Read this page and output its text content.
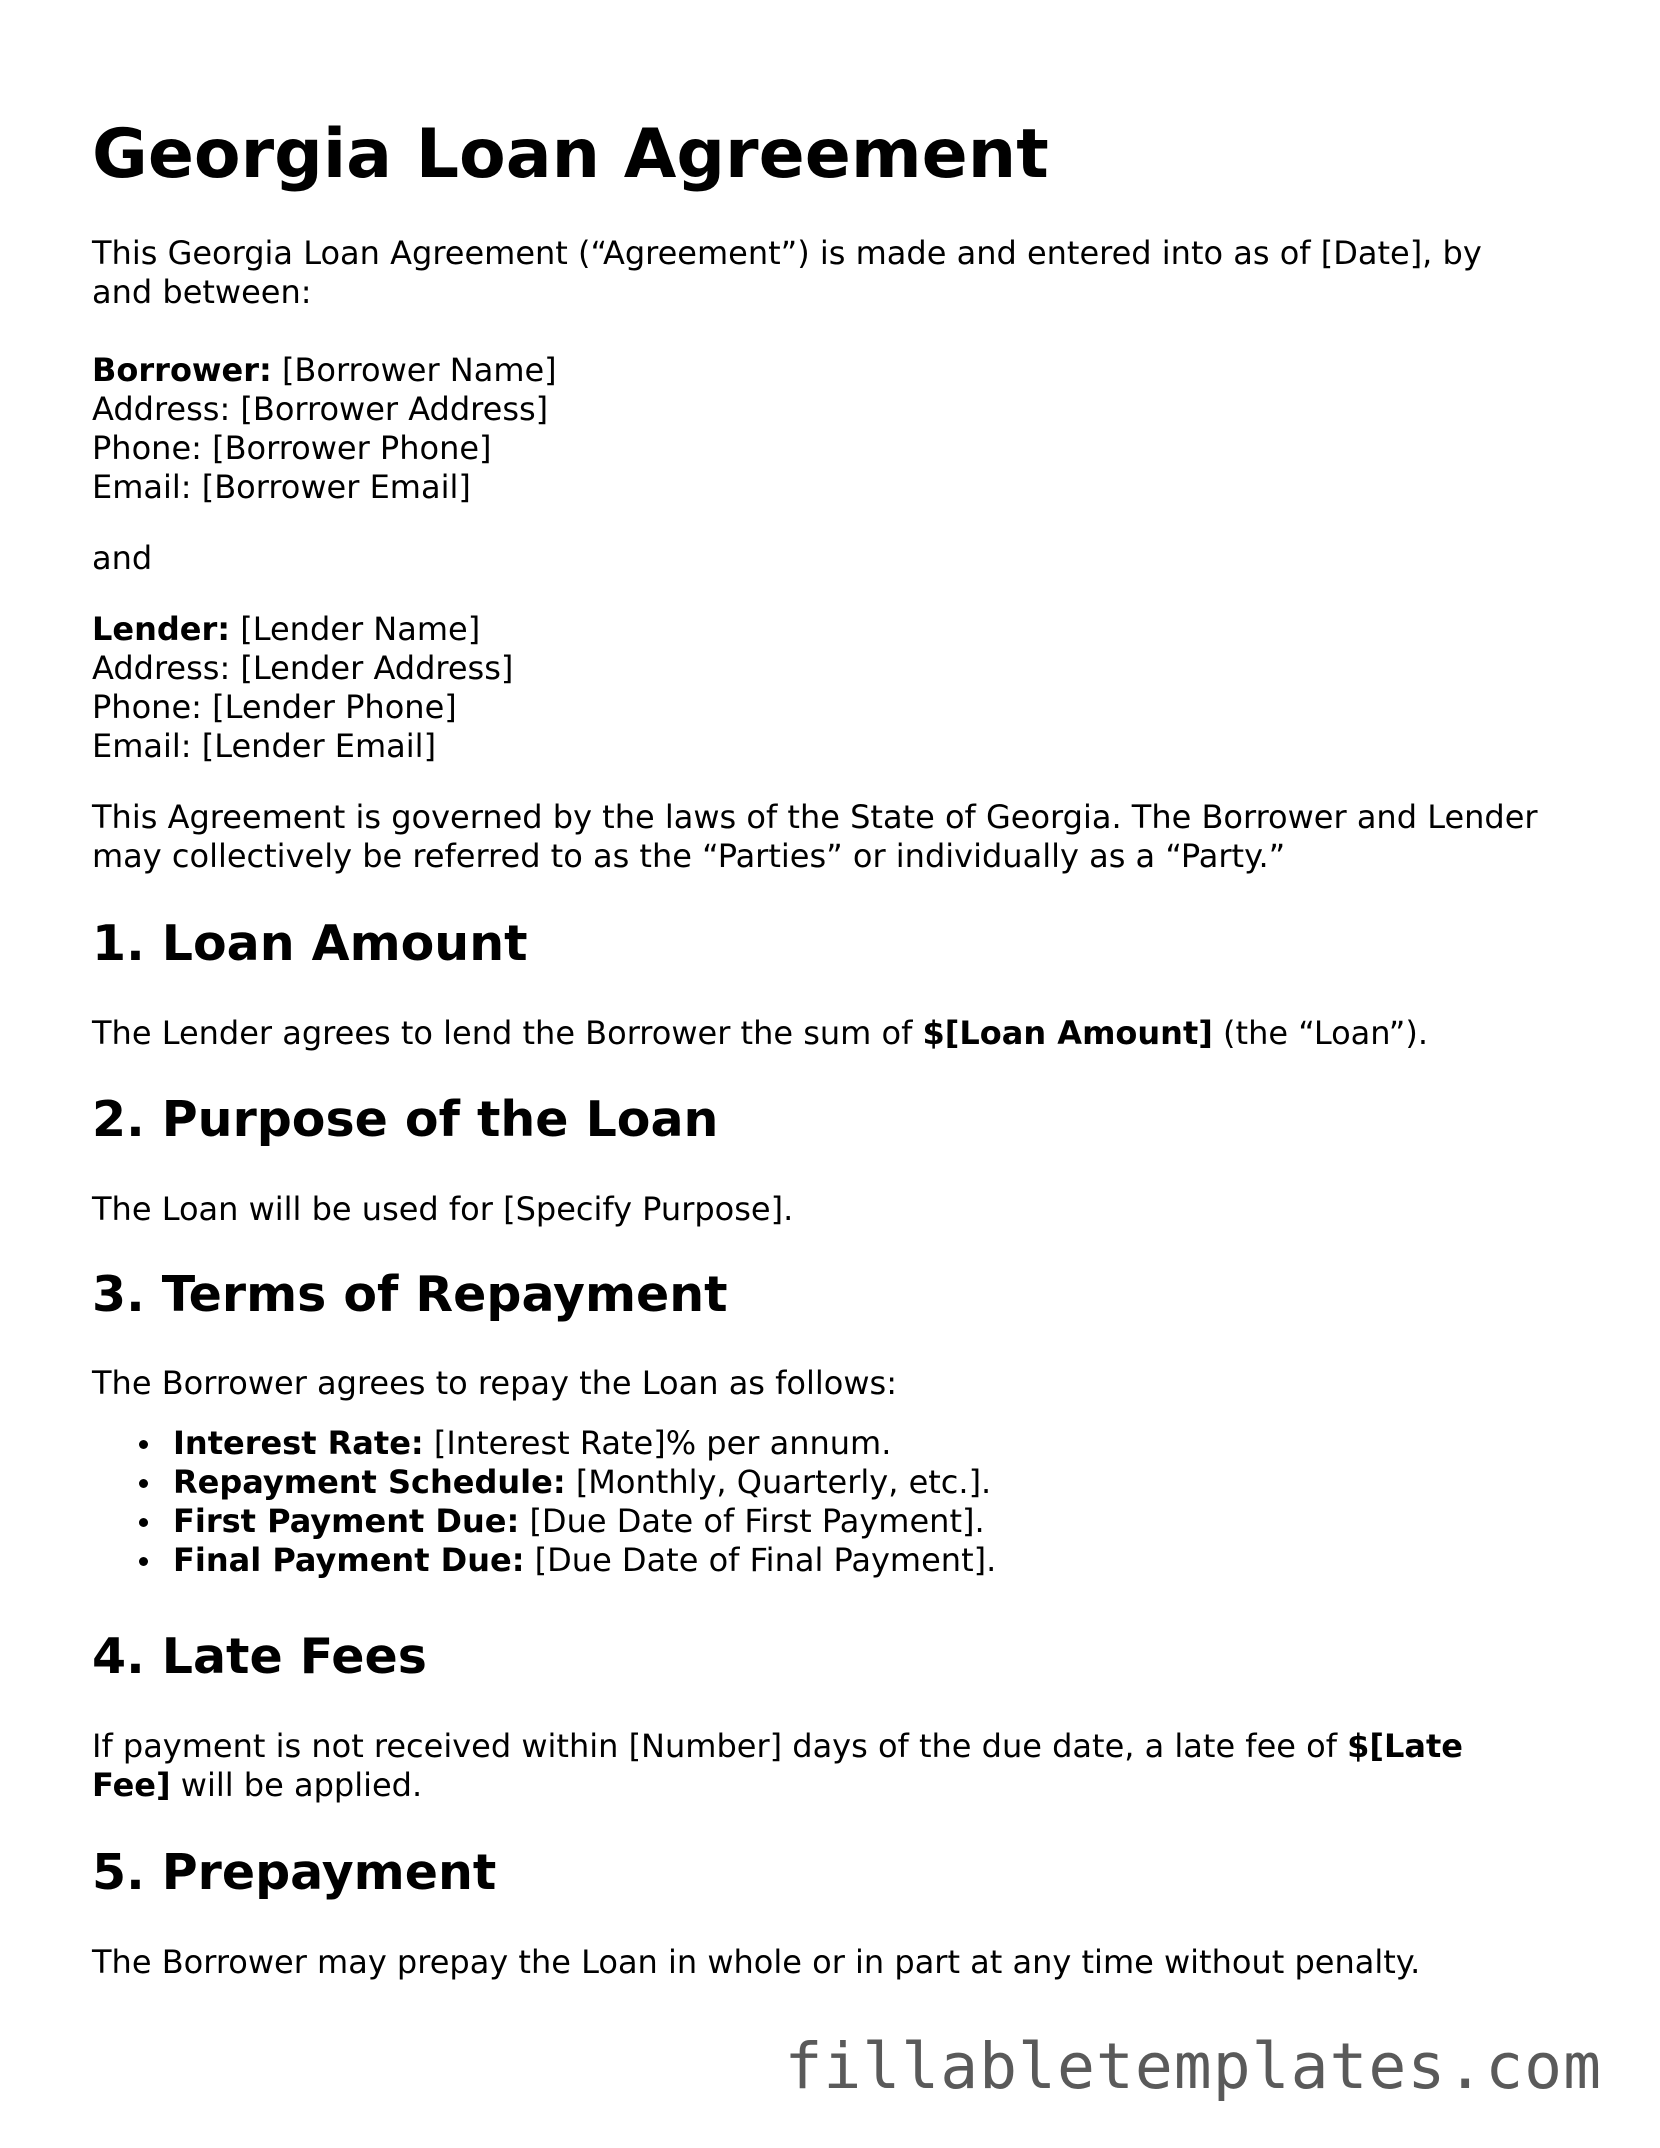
Georgia Loan Agreement

This Georgia Loan Agreement (“Agreement”) is made and entered into as of [Date], by
and between:

Borrower: [Borrower Name]
Address: [Borrower Address]
Phone: [Borrower Phone]
Email: [Borrower Email]

and

Lender: [Lender Name]
Address: [Lender Address]
Phone: [Lender Phone]
Email: [Lender Email]

This Agreement is governed by the laws of the State of Georgia. The Borrower and Lender
may collectively be referred to as the “Parties” or individually as a “Party.”

1. Loan Amount

The Lender agrees to lend the Borrower the sum of $[Loan Amount] (the “Loan”).

2. Purpose of the Loan

The Loan will be used for [Specify Purpose].

3. Terms of Repayment

The Borrower agrees to repay the Loan as follows:

Interest Rate: [Interest Rate]% per annum.
Repayment Schedule: [Monthly, Quarterly, etc.].
First Payment Due: [Due Date of First Payment].
Final Payment Due: [Due Date of Final Payment].
4. Late Fees

If payment is not received within [Number] days of the due date, a late fee of $[Late
Fee] will be applied.

5. Prepayment

The Borrower may prepay the Loan in whole or in part at any time without penalty.

fillabletemplates.com
